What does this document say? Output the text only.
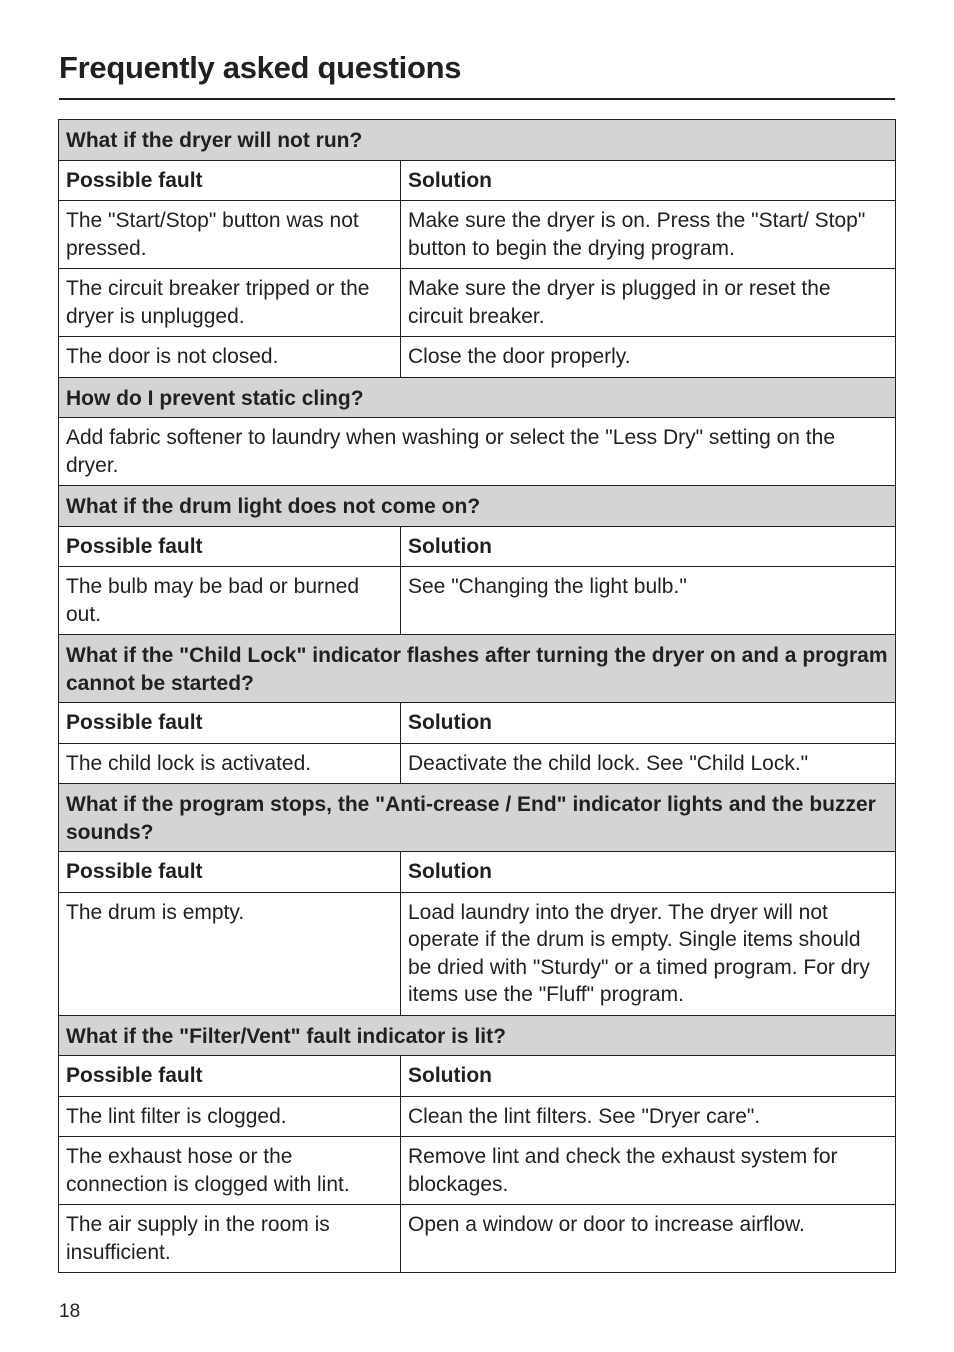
Frequently asked questions
What if the dryer will not run?	
Possible fault	Solution
The "Start/Stop" button was not pressed.	Make sure the dryer is on. Press the "Start/ Stop" button to begin the drying program.
The circuit breaker tripped or the dryer is unplugged.	Make sure the dryer is plugged in or reset the circuit breaker.
The door is not closed.	Close the door properly.
How do I prevent static cling?	
Add fabric softener to laundry when washing or select the "Less Dry" setting on the dryer.	
What if the drum light does not come on?	
Possible fault	Solution
The bulb may be bad or burned out.	See "Changing the light bulb."
What if the "Child Lock" indicator flashes after turning the dryer on and a program cannot be started?	
Possible fault	Solution
The child lock is activated.	Deactivate the child lock. See "Child Lock."
What if the program stops, the "Anti-crease / End" indicator lights and the buzzer sounds?	
Possible fault	Solution
The drum is empty.	Load laundry into the dryer. The dryer will not operate if the drum is empty. Single items should be dried with "Sturdy" or a timed program. For dry items use the "Fluff" program.
What if the "Filter/Vent" fault indicator is lit?	
Possible fault	Solution
The lint filter is clogged.	Clean the lint filters. See "Dryer care".
The exhaust hose or the connection is clogged with lint.	Remove lint and check the exhaust system for blockages.
The air supply in the room is insufficient.	Open a window or door to increase airflow.
18
